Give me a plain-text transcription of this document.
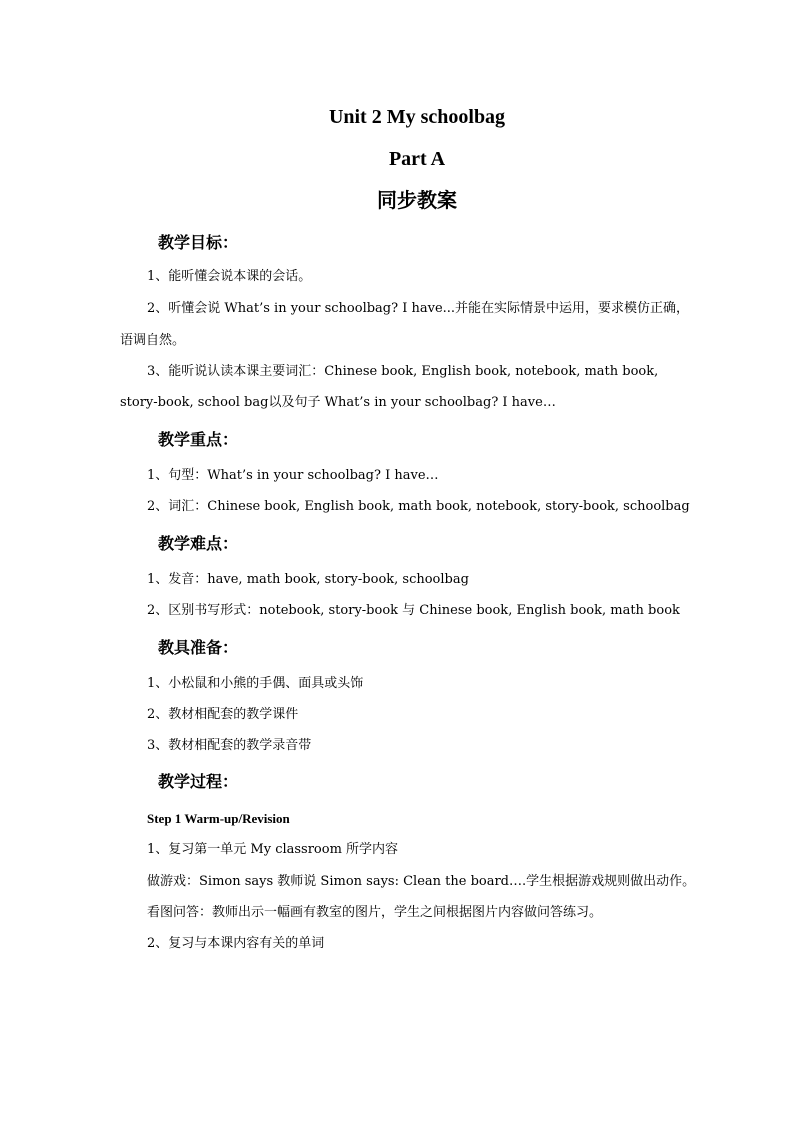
Unit 2 My schoolbag
Part A
同步教案
教学目标：
1、能听懂会说本课的会话。
2、听懂会说 What’s in your schoolbag? I have...并能在实际情景中运用，要求模仿正确，
语调自然。
3、能听说认读本课主要词汇：Chinese book, English book, notebook, math book,
story-book, school bag以及句子 What’s in your schoolbag? I have…
教学重点：
1、句型：What’s in your schoolbag? I have…
2、词汇：Chinese book, English book, math book, notebook, story-book, schoolbag
教学难点：
1、发音：have, math book, story-book, schoolbag
2、区别书写形式：notebook, story-book 与 Chinese book, English book, math book
教具准备：
1、小松鼠和小熊的手偶、面具或头饰
2、教材相配套的教学课件
3、教材相配套的教学录音带
教学过程：
Step 1 Warm-up/Revision
1、复习第一单元 My classroom 所学内容
做游戏：Simon says 教师说 Simon says: Clean the board….学生根据游戏规则做出动作。
看图问答：教师出示一幅画有教室的图片，学生之间根据图片内容做问答练习。
2、复习与本课内容有关的单词
